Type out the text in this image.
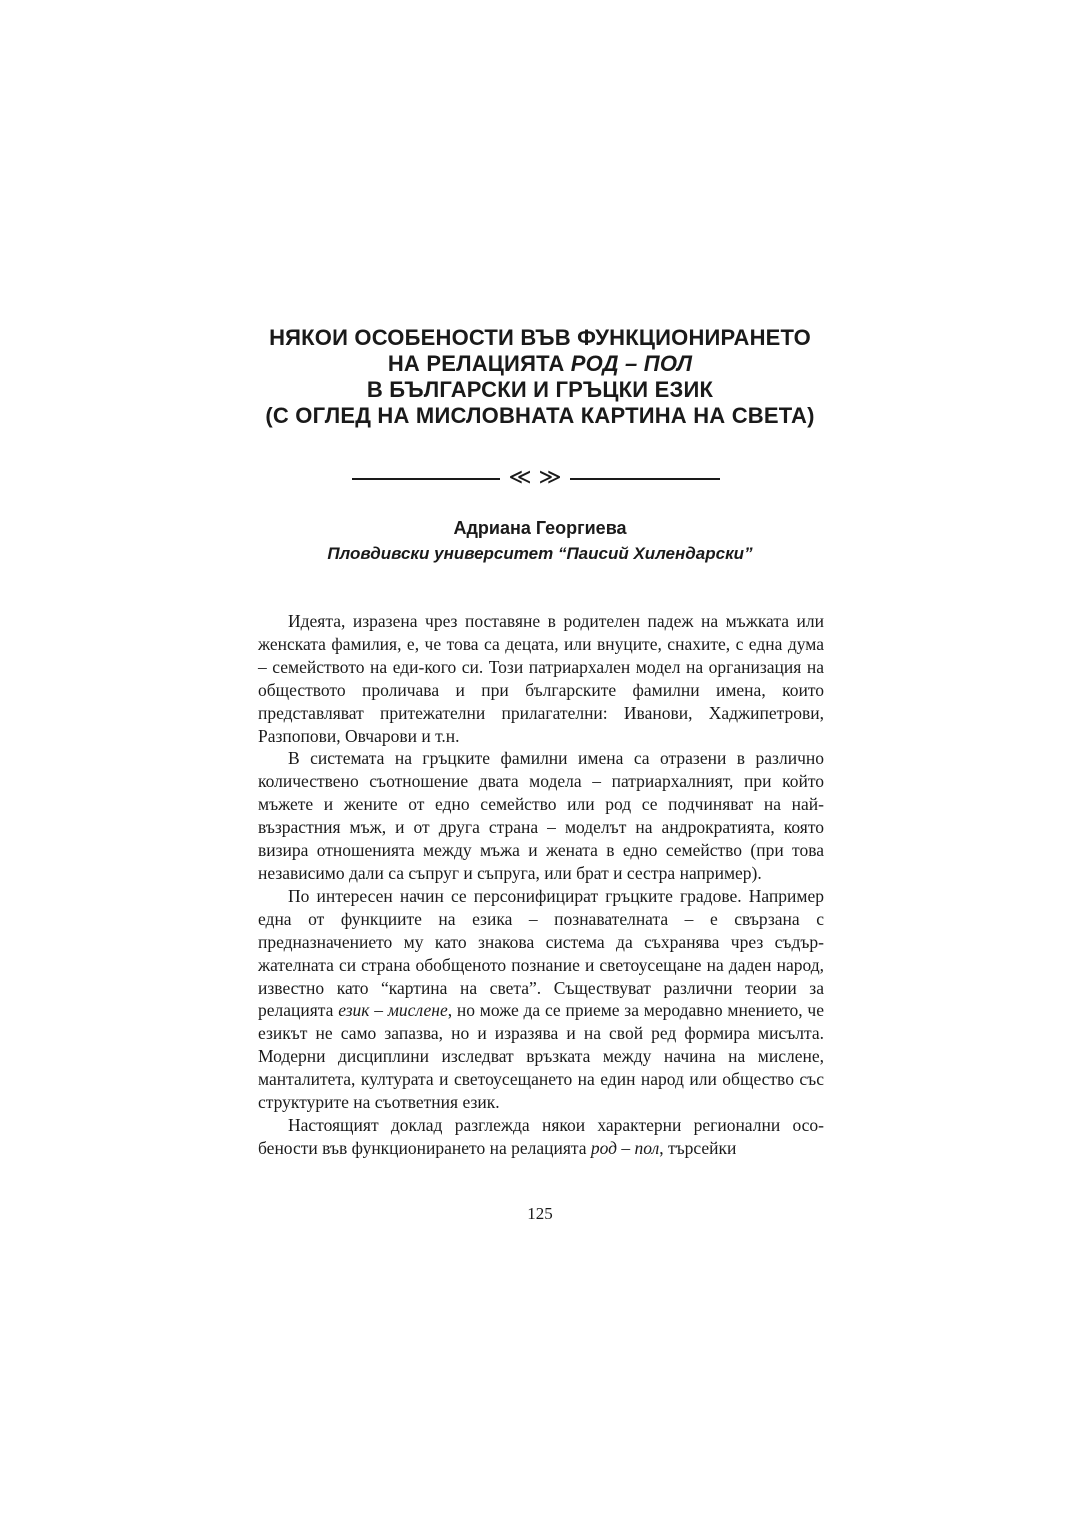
НЯКОИ ОСОБЕНОСТИ ВЪВ ФУНКЦИОНИРАНЕТО
НА РЕЛАЦИЯТА РОД – ПОЛ
В БЪЛГАРСКИ И ГРЪЦКИ ЕЗИК
(С ОГЛЕД НА МИСЛОВНАТА КАРТИНА НА СВЕТА)
≪ ≫
Адриана Георгиева
Пловдивски университет “Паисий Хилендарски”

Идеята, изразена чрез поставяне в родителен падеж на мъжката или женската фамилия, е, че това са децата, или внуците, снахите, с една дума – семейството на еди-кого си. Този патриархален модел на организация на обществото проличава и при българските фамилни имена, които представляват притежателни прилагателни: Иванови, Хаджипетрови, Разпопови, Овчарови и т.н.

В системата на гръцките фамилни имена са отразени в различно количествено съотношение двата модела – патриархалният, при който мъжете и жените от едно семейство или род се подчиняват на най-възрастния мъж, и от друга страна – моделът на андрократията, която визира отношенията между мъжа и жената в едно семейство (при това независимо дали са съпруг и съпруга, или брат и сестра например).

По интересен начин се персонифицират гръцките градове. Например една от функциите на езика – познавателната – е свързана с предназначението му като знакова система да съхранява чрез съдържателната си страна обобщеното познание и светоусещане на даден народ, известно като “картина на света”. Съществуват различни теории за релацията език – мислене, но може да се приеме за меродавно мнението, че езикът не само запазва, но и изразява и на свой ред формира мисълта. Модерни дисциплини изследват връзката между начина на мислене, манталитета, културата и светоусещането на един народ или общество със структурите на съответния език.

Настоящият доклад разглежда някои характерни регионални особености във функционирането на релацията род – пол, търсейки

125
